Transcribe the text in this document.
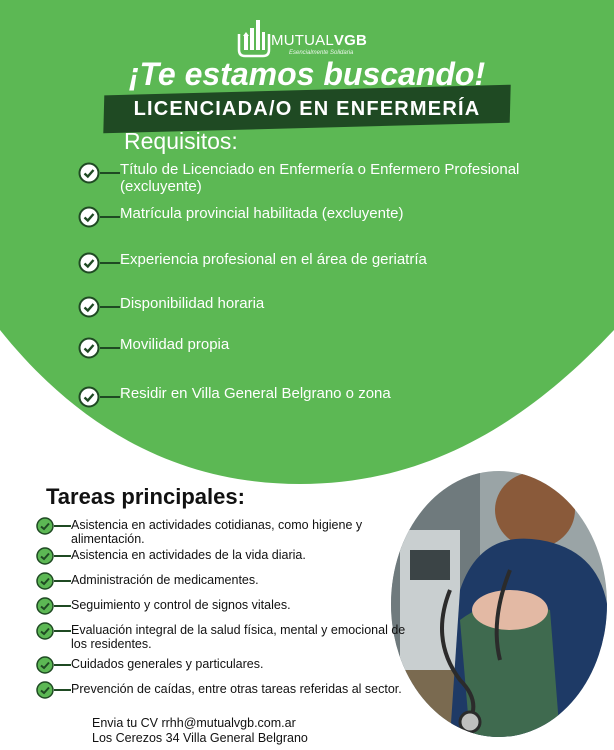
MUTUALVGB
Esencialmente Solidaria
¡Te estamos buscando!
LICENCIADA/O EN ENFERMERÍA
Requisitos:
Título de Licenciado en Enfermería o Enfermero Profesional (excluyente)
Matrícula provincial habilitada (excluyente)
Experiencia profesional en el área de geriatría
Disponibilidad horaria
Movilidad propia
Residir en Villa General Belgrano o zona
Tareas principales:
Asistencia en actividades cotidianas, como higiene y alimentación.
Asistencia en actividades de la vida diaria.
Administración de medicamentes.
Seguimiento y control de signos vitales.
Evaluación integral de la salud física, mental y emocional de los residentes.
Cuidados generales y particulares.
Prevención de caídas, entre otras tareas referidas al sector.
Envia tu CV rrhh@mutualvgb.com.ar
Los Cerezos 34 Villa General Belgrano
